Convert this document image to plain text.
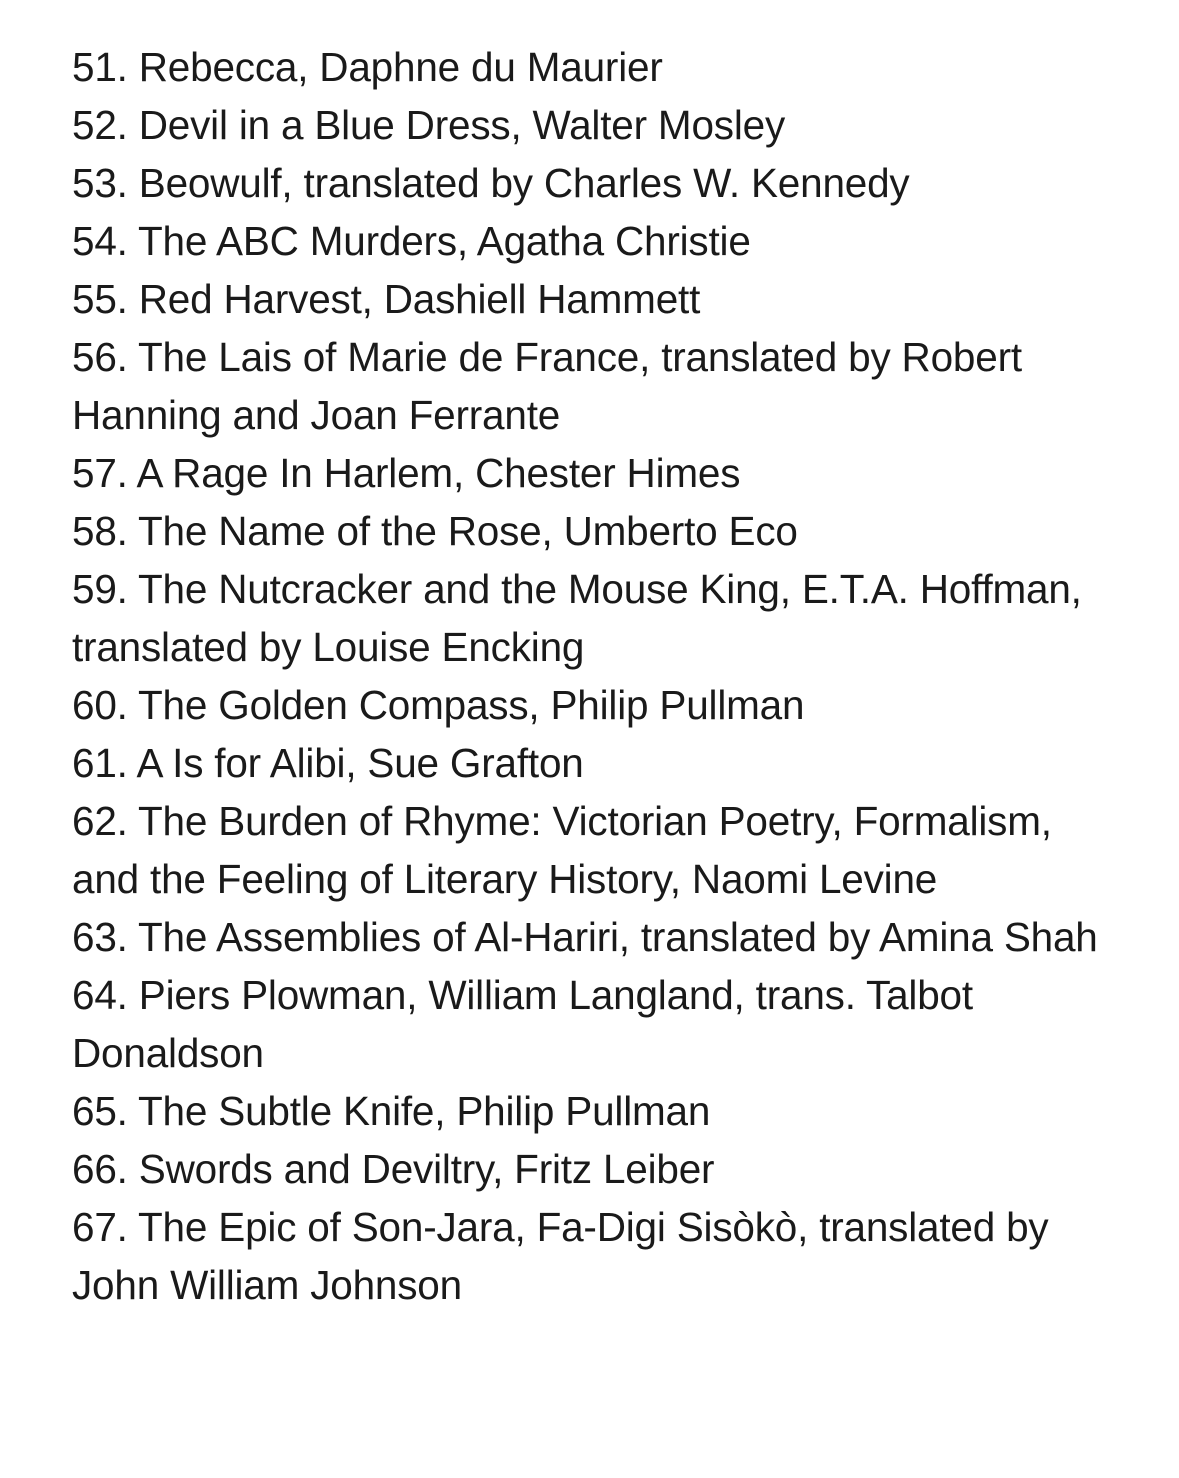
51. Rebecca, Daphne du Maurier
52. Devil in a Blue Dress, Walter Mosley
53. Beowulf, translated by Charles W. Kennedy
54. The ABC Murders, Agatha Christie
55. Red Harvest, Dashiell Hammett
56. The Lais of Marie de France, translated by Robert Hanning and Joan Ferrante
57. A Rage In Harlem, Chester Himes
58. The Name of the Rose, Umberto Eco
59. The Nutcracker and the Mouse King, E.T.A. Hoffman, translated by Louise Encking
60. The Golden Compass, Philip Pullman
61. A Is for Alibi, Sue Grafton
62. The Burden of Rhyme: Victorian Poetry, Formalism, and the Feeling of Literary History, Naomi Levine
63. The Assemblies of Al-Hariri, translated by Amina Shah
64. Piers Plowman, William Langland, trans. Talbot Donaldson
65. The Subtle Knife, Philip Pullman
66. Swords and Deviltry, Fritz Leiber
67. The Epic of Son-Jara, Fa-Digi Sisòkò, translated by John William Johnson
